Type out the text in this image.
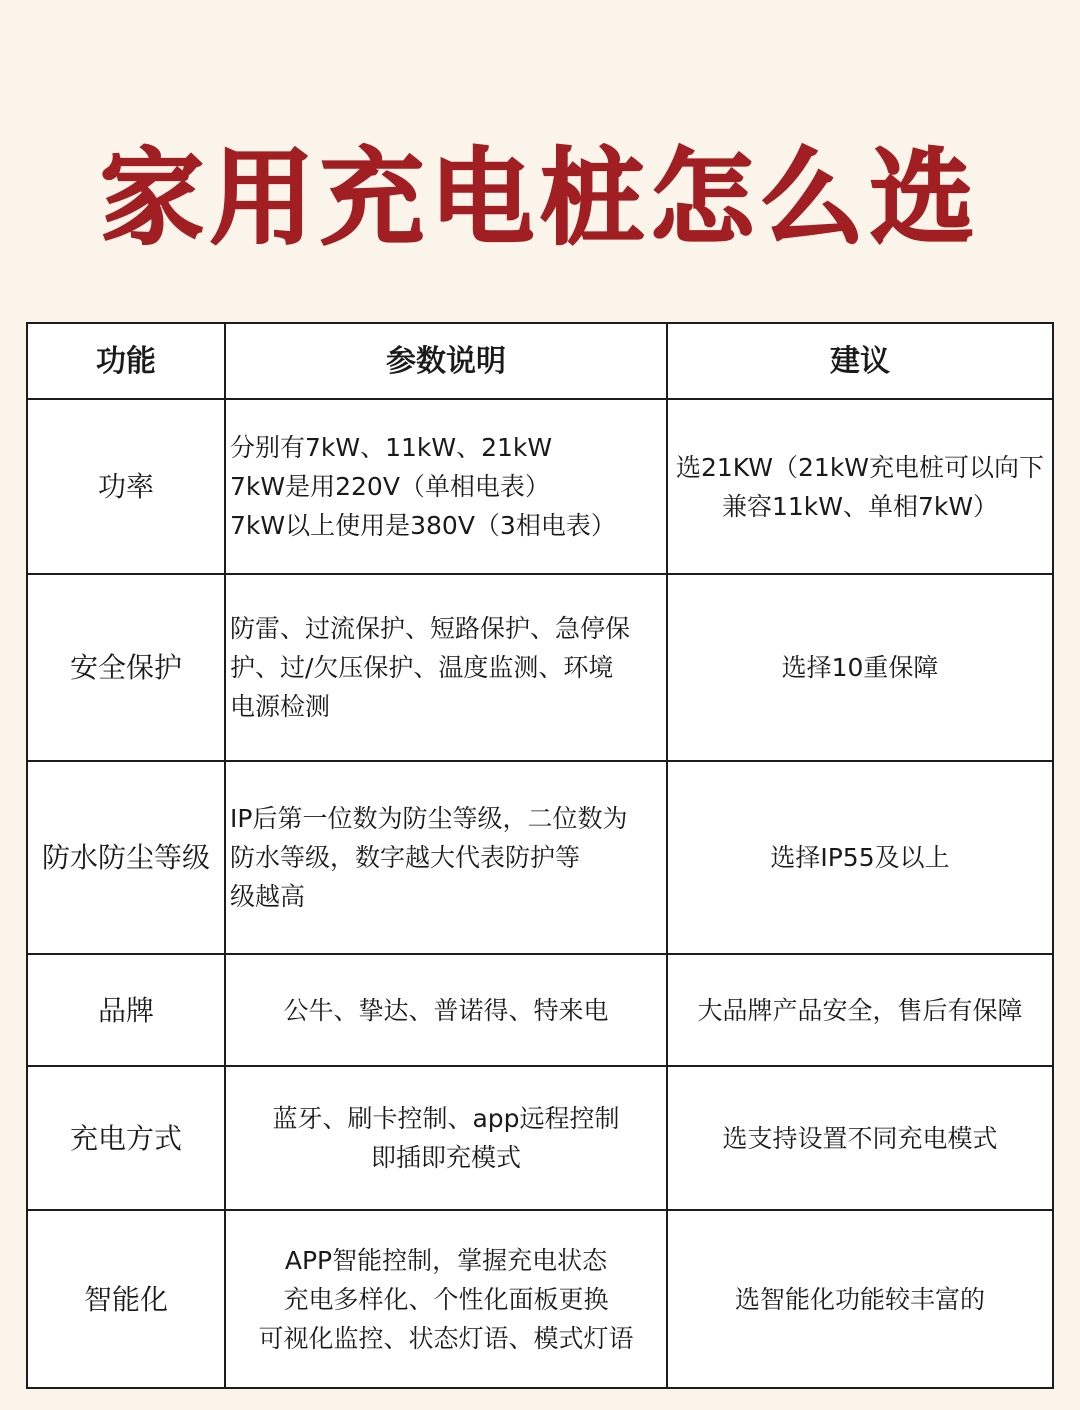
家用充电桩怎么选
功能	参数说明	建议
功率	分别有7kW、11kW、21kW
7kW是用220V（单相电表）
7kW以上使用是380V（3相电表）	选21KW（21kW充电桩可以向下
兼容11kW、单相7kW）

安全保护	防雷、过流保护、短路保护、急停保
护、过/欠压保护、温度监测、环境
电源检测	选择10重保障

防水防尘等级	IP后第一位数为防尘等级，二位数为
防水等级，数字越大代表防护等
级越高	选择IP55及以上

品牌	公牛、挚达、普诺得、特来电	大品牌产品安全，售后有保障

充电方式	蓝牙、刷卡控制、app远程控制
即插即充模式	选支持设置不同充电模式

智能化	APP智能控制，掌握充电状态
充电多样化、个性化面板更换
可视化监控、状态灯语、模式灯语	选智能化功能较丰富的
